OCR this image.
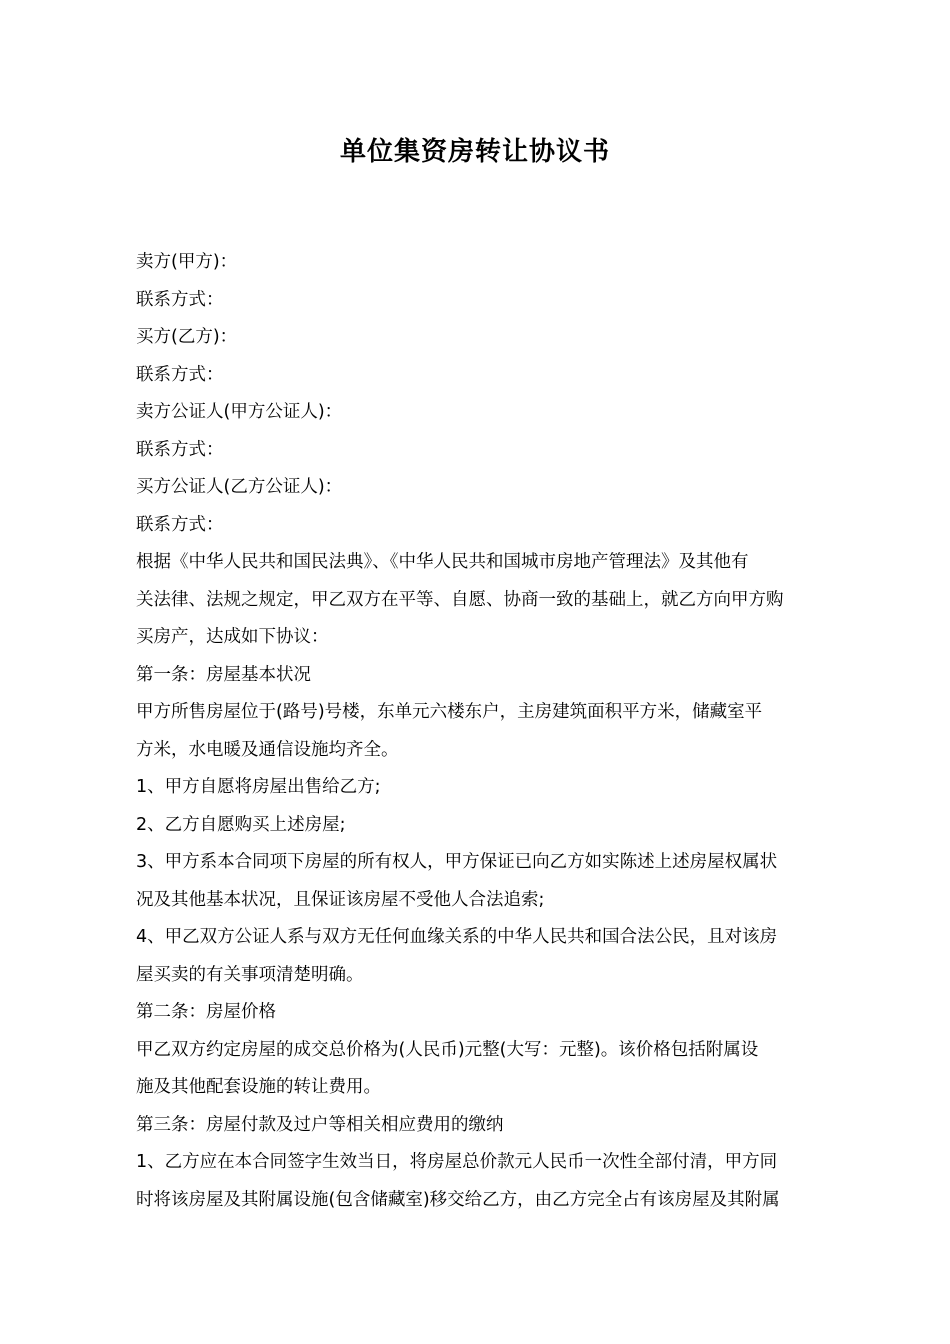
单位集资房转让协议书
卖方(甲方)：
联系方式：
买方(乙方)：
联系方式：
卖方公证人(甲方公证人)：
联系方式：
买方公证人(乙方公证人)：
联系方式：
根据《中华人民共和国民法典》、《中华人民共和国城市房地产管理法》及其他有
关法律、法规之规定，甲乙双方在平等、自愿、协商一致的基础上，就乙方向甲方购
买房产，达成如下协议：
第一条：房屋基本状况
甲方所售房屋位于(路号)号楼，东单元六楼东户，主房建筑面积平方米，储藏室平
方米，水电暖及通信设施均齐全。
1、甲方自愿将房屋出售给乙方;
2、乙方自愿购买上述房屋;
3、甲方系本合同项下房屋的所有权人，甲方保证已向乙方如实陈述上述房屋权属状
况及其他基本状况，且保证该房屋不受他人合法追索;
4、甲乙双方公证人系与双方无任何血缘关系的中华人民共和国合法公民，且对该房
屋买卖的有关事项清楚明确。
第二条：房屋价格
甲乙双方约定房屋的成交总价格为(人民币)元整(大写：元整)。该价格包括附属设
施及其他配套设施的转让费用。
第三条：房屋付款及过户等相关相应费用的缴纳
1、乙方应在本合同签字生效当日，将房屋总价款元人民币一次性全部付清，甲方同
时将该房屋及其附属设施(包含储藏室)移交给乙方，由乙方完全占有该房屋及其附属
